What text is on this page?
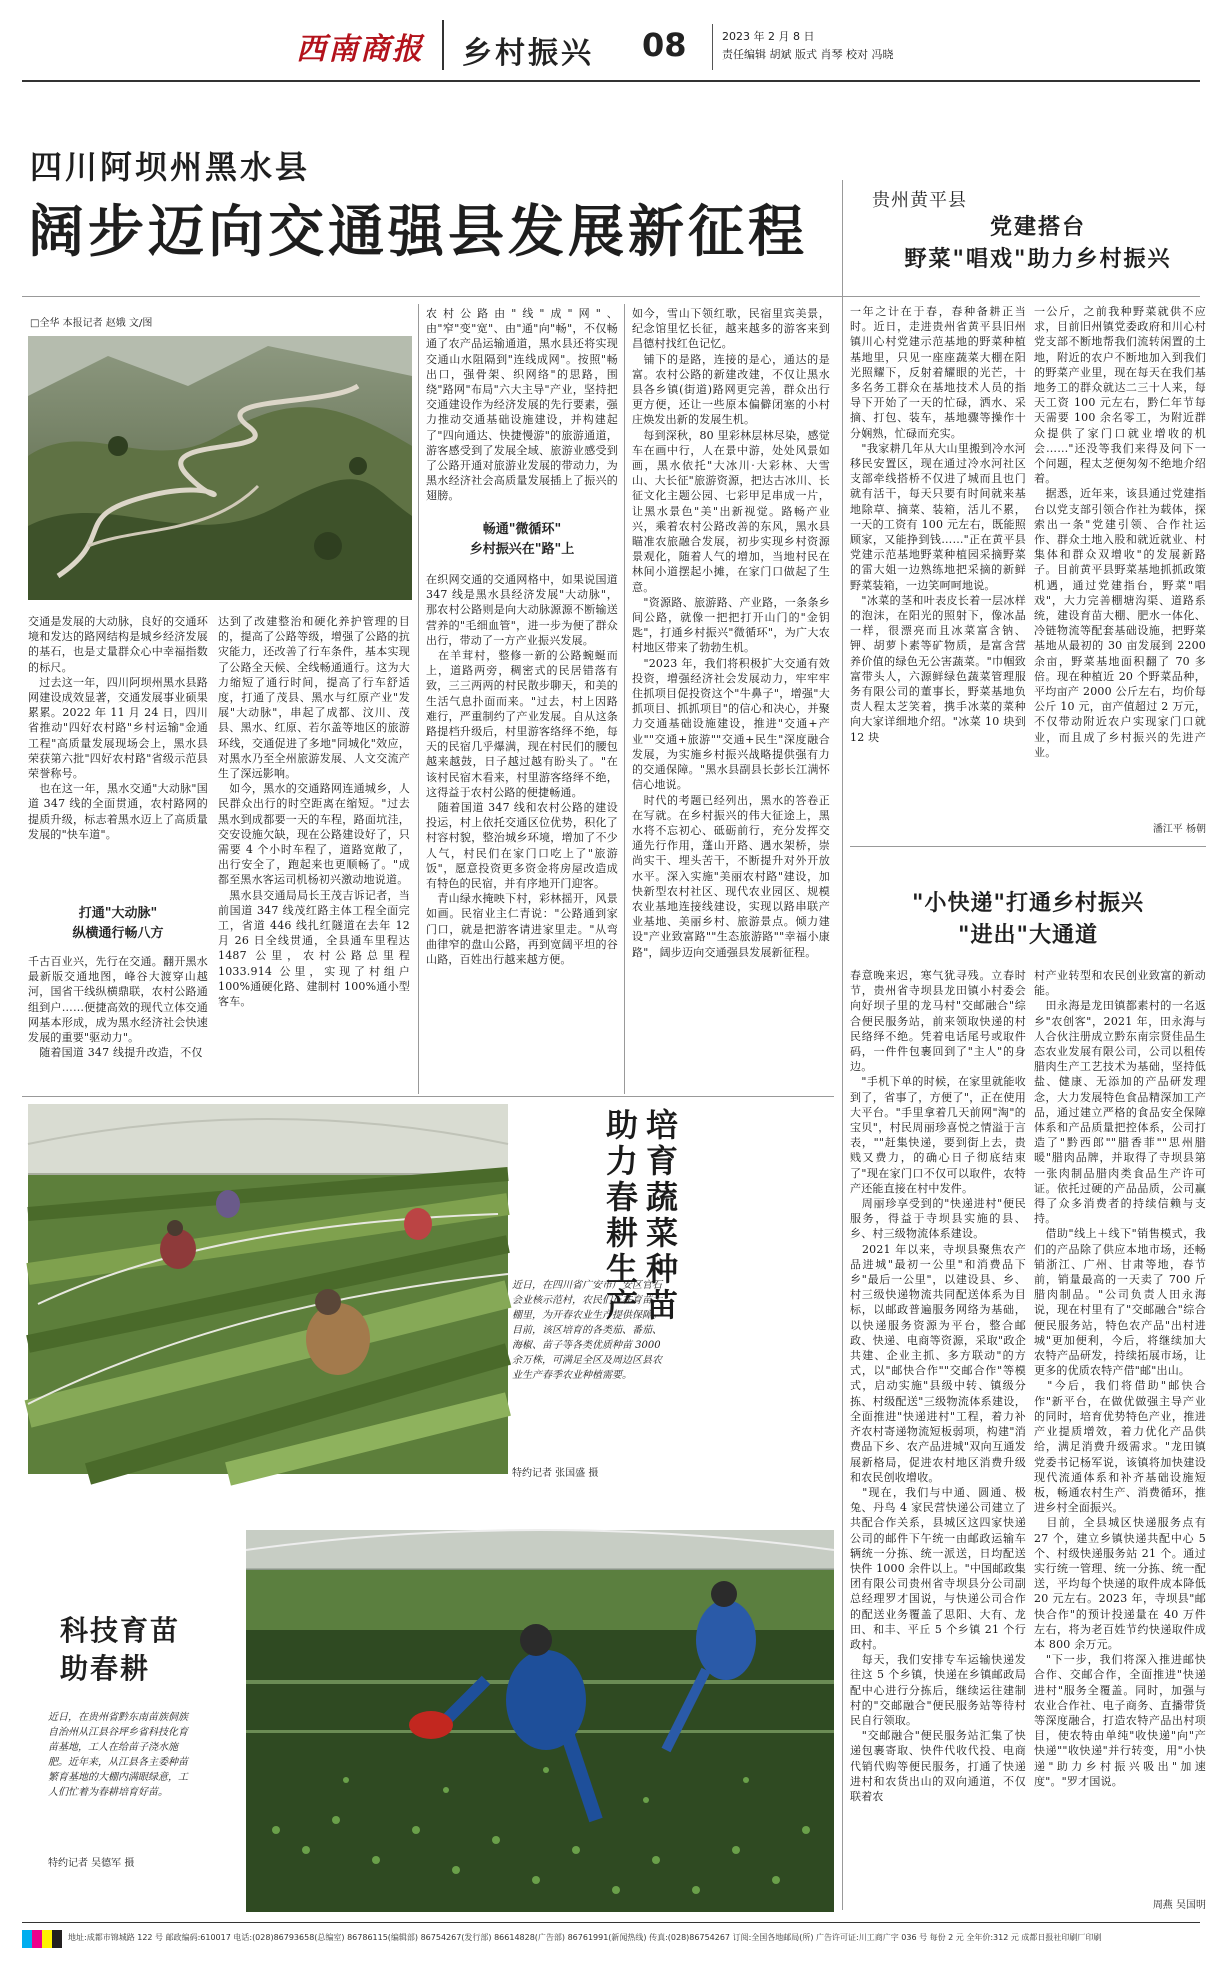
西南商报	乡村振兴 08	2023 年 2 月 8 日
责任编辑 胡斌 版式 肖琴 校对 冯晓
四川阿坝州黑水县
阔步迈向交通强县发展新征程	贵州黄平县
党建搭台
野菜"唱戏"助力乡村振兴
□全华 本报记者 赵娥 文/图
交通是发展的大动脉，良好的交通环境和发达的路网结构是城乡经济发展的基石，也是丈量群众心中幸福指数的标尺。
　过去这一年，四川阿坝州黑水县路网建设成效显著，交通发展事业硕果累累。2022 年 11 月 24 日，四川省推动"四好农村路"乡村运输"金通工程"高质量发展现场会上，黑水县荣获第六批"四好农村路"省级示范县荣誉称号。
　也在这一年，黑水交通"大动脉"国道 347 线的全面贯通，农村路网的提质升级，标志着黑水迈上了高质量发展的"快车道"。
打通"大动脉"
纵横通行畅八方
千古百业兴，先行在交通。翻开黑水最新版交通地图，峰谷大渡穿山越河，国省干线纵横鼎联，农村公路通组到户……便捷高效的现代立体交通网基本形成，成为黑水经济社会快速发展的重要"驱动力"。
　随着国道 347 线提升改造，不仅
达到了改建整治和硬化养护管理的目的，提高了公路等级，增强了公路的抗灾能力，还改善了行车条件，基本实现了公路全天候、全线畅通通行。这为大力缩短了通行时间，提高了行车舒适度，打通了茂县、黑水与红原产业"发展"大动脉"，串起了成都、汶川、茂县、黑水、红原、若尔盖等地区的旅游环线，交通促进了多地"同城化"效应，对黑水乃至全州旅游发展、人文交流产生了深远影响。
　如今，黑水的交通路网连通城乡，人民群众出行的时空距离在缩短。"过去黑水到成都要一天的车程，路面坑洼，交安设施欠缺，现在公路建设好了，只需要 4 个小时车程了，道路宽敞了，出行安全了，跑起来也更顺畅了。"成都至黑水客运司机杨初兴激动地说道。
　黑水县交通局局长王茂吉诉记者，当前国道 347 线茂红路主体工程全面完工，省道 446 线扎红隧道在去年 12 月 26 日全线贯通，全县通车里程达 1487 公里，农村公路总里程 1033.914 公里，实现了村组户 100%通硬化路、建制村 100%通小型客车。
农村公路由"线"成"网"、由"窄"变"宽"、由"通"向"畅"，不仅畅通了农产品运输通道，黑水县还将实现交通山水阻隔到"连线成网"。按照"畅出口，强骨架、织网络"的思路，围绕"路网"布局"六大主导"产业，坚持把交通建设作为经济发展的先行要素，强力推动交通基础设施建设，并构建起了"四向通达、快捷慢游"的旅游通道，游客感受到了发展全域、旅游业感受到了公路开通对旅游业发展的带动力，为黑水经济社会高质量发展插上了振兴的翅膀。
畅通"微循环"
乡村振兴在"路"上
在织网交通的交通网格中，如果说国道 347 线是黑水县经济发展"大动脉"，那农村公路则是向大动脉源源不断输送营养的"毛细血管"，进一步为便了群众出行，带动了一方产业振兴发展。
　在羊茸村，整修一新的公路蜿蜒而上，道路两旁，稠密式的民居错落有致，三三两两的村民散步聊天，和美的生活气息扑面而来。"过去，村上因路难行，严重制约了产业发展。自从这条路提档升级后，村里游客络绎不绝，每天的民宿几乎爆满，现在村民们的腰包越来越鼓，日子越过越有盼头了。"在该村民宿木看来，村里游客络绎不绝，这得益于农村公路的便捷畅通。
　随着国道 347 线和农村公路的建设投运，村上依托交通区位优势，积化了村容村貌，整治城乡环境，增加了不少人气，村民们在家门口吃上了"旅游饭"，愿意投资更多资金将房屋改造成有特色的民宿，并有序地开门迎客。
　青山绿水掩映下村，彩林摇开，风景如画。民宿业主仁青说："公路通到家门口，就是把游客请进家里走。"从弯曲律窄的盘山公路，再到宽阔平坦的谷山路，百姓出行越来越方便。
如今，雪山下领红歌，民宿里宾美景，纪念馆里忆长征，越来越多的游客来到昌德村找红色记忆。
　铺下的是路，连接的是心，通达的是富。农村公路的新建改建，不仅让黑水县各乡镇(街道)路网更完善，群众出行更方便，还让一些原本偏僻闭塞的小村庄焕发出新的发展生机。
　每到深秋，80 里彩林层林尽染，感觉车在画中行，人在景中游，处处风景如画，黑水依托"大冰川·大彩林、大雪山、大长征"旅游资源，把达古冰川、长征文化主题公园、七彩甲足串成一片，让黑水景色"美"出新视觉。路畅产业兴，乘着农村公路改善的东风，黑水县瞄准农旅融合发展，初步实现乡村资源景观化，随着人气的增加，当地村民在林间小道摆起小摊，在家门口做起了生意。
　"资源路、旅游路、产业路，一条条乡间公路，就像一把把打开山门的"金钥匙"，打通乡村振兴"微循环"，为广大农村地区带来了勃勃生机。
　"2023 年，我们将积极扩大交通有效投资，增强经济社会发展动力，牢牢牢住抓项目促投资这个"牛鼻子"，增强"大抓项目、抓抓项目"的信心和决心，并聚力交通基础设施建设，推进"交通+产业""交通+旅游""交通+民生"深度融合发展，为实施乡村振兴战略提供强有力的交通保障。"黑水县副县长彭长江满怀信心地说。
　时代的考题已经列出，黑水的答卷正在写就。在乡村振兴的伟大征途上，黑水将不忘初心、砥砺前行，充分发挥交通先行作用，蓬山开路、遇水架桥，崇尚实干、埋头苦干，不断提升对外开放水平。深入实施"美丽农村路"建设，加快新型农村社区、现代农业园区、规模农业基地连接线建设，实现以路串联产业基地、美丽乡村、旅游景点。倾力建设"产业致富路""生态旅游路""幸福小康路"，阔步迈向交通强县发展新征程。
一年之计在于春，春种备耕正当时。近日，走进贵州省黄平县旧州镇川心村党建示范基地的野菜种植基地里，只见一座座蔬菜大棚在阳光照耀下，反射着耀眼的光芒，十多名务工群众在基地技术人员的指导下开始了一天的忙碌，洒水、采摘、打包、装车，基地骤等操作十分娴熟，忙碌而充实。
　"我家耕几年从大山里搬到冷水河移民安置区，现在通过冷水河社区支部牵线搭桥不仅进了城而且也门就有活干，每天只要有时间就来基地除草、摘菜、装箱，活儿不累，一天的工资有 100 元左右，既能照顾家，又能挣到钱……"正在黄平县党建示范基地野菜种植园采摘野菜的雷大姐一边熟练地把采摘的新鲜野菜装箱，一边笑呵呵地说。
　"冰菜的茎和叶表皮长着一层冰样的泡沫，在阳光的照射下，像冰晶一样，很漂亮而且冰菜富含钠、钾、胡萝卜素等矿物质，是富含营养价值的绿色无公害蔬菜。"巾帼致富带头人，六源鲜绿色蔬菜管理服务有限公司的董事长，野菜基地负责人程太芝笑着，携手冰菜的菜种向大家详细地介绍。"冰菜 10 块到 12 块
一公斤，之前我种野菜就供不应求，目前旧州镇党委政府和川心村党支部不断地帮我们流转闲置的土地，附近的农户不断地加入到我们的野菜产业里，现在每天在我们基地务工的群众就达二三十人来，每天工资 100 元左右，黔仁年节每天需要 100 余名零工，为附近群众提供了家门口就业增收的机会……"还没等我们来得及问下一个问题，程太芝便匆匆不绝地介绍着。
　据悉，近年来，该县通过党建指台以党支部引领合作社为载体，探索出一条"党建引领、合作社运作、群众土地入股和就近就业、村集体和群众双增收"的发展新路子。目前黄平县野菜基地抓抓政策机遇，通过党建指台，野菜"唱戏"，大力完善棚塘沟渠、道路系统，建设育苗大棚、肥水一体化、冷链物流等配套基础设施，把野菜基地从最初的 30 亩发展到 2200 余亩，野菜基地面积翻了 70 多倍。现在种植近 20 个野菜品种，平均亩产 2000 公斤左右，均价每公斤 10 元，亩产值超过 2 万元，不仅带动附近农户实现家门口就业，而且成了乡村振兴的先进产业。
潘江平 杨朝
"小快递"打通乡村振兴
"进出"大通道
春意晚来迟，寒气犹寻残。立春时节，贵州省寺坝县龙田镇小村委会向好坝子里的龙马村"交邮融合"综合便民服务站，前来领取快递的村民络绎不绝。凭着电话尾号或取件码，一件件包裹回到了"主人"的身边。
　"手机下单的时候，在家里就能收到了，省事了，方便了"，正在使用大平台。"手里拿着几天前网"淘"的宝贝"，村民周丽珍喜悦之情溢于言表，""赶集快递，要到街上去，贵贱又费力，的确心日子彻底结束了"现在家门口不仅可以取件，农特产还能直接在村中发件。
　周丽珍享受到的"快递进村"便民服务，得益于寺坝县实施的县、乡、村三级物流体系建设。
　2021 年以来，寺坝县聚焦农产品进城"最初一公里"和消费品下乡"最后一公里"，以建设县、乡、村三级快递物流共同配送体系为目标，以邮政普遍服务网络为基础，以快递服务资源为平台，整合邮政、快递、电商等资源，采取"政企共建、企业主抓、多方联动"的方式，以"邮快合作""交邮合作"等模式，启动实施"县级中转、镇级分拣、村级配送"三级物流体系建设，全面推进"快递进村"工程，着力补齐农村寄递物流短板弱项，构建"消费品下乡、农产品进城"双向互通发展新格局，促进农村地区消费升级和农民创收增收。
　"现在，我们与中通、圆通、极兔、丹鸟 4 家民营快递公司建立了共配合作关系，县城区这四家快递公司的邮件下午统一由邮政运输车辆统一分拣、统一派送，日均配送快件 1000 余件以上。"中国邮政集团有限公司贵州省寺坝县分公司副总经理罗才国说，与快递公司合作的配送业务覆盖了思阳、大有、龙田、和丰、平丘 5 个乡镇 21 个行政村。
　每天，我们安排专车运输快递发往这 5 个乡镇，快递在乡镇邮政局配中心进行分拣后，继续运往建制村的"交邮融合"便民服务站等待村民自行领取。
　"交邮融合"便民服务站汇集了快递包裹寄取、快件代收代投、电商代销代购等便民服务，打通了快递进村和农货出山的双向通道，不仅联着农
村产业转型和农民创业致富的新动能。
　田永海是龙田镇都素村的一名返乡"农创客"，2021 年，田永海与人合伙注册成立黔东南宗贤佳品生态农业发展有限公司，公司以租传腊肉生产工艺技术为基础，坚持低盐、健康、无添加的产品研发理念，大力发展特色食品精深加工产品，通过建立严格的食品安全保障体系和产品质量把控体系，公司打造了"黔西郎""腊香菲""思州腊暖"腊肉品牌，并取得了寺坝县第一张肉制品腊肉类食品生产许可证。依托过硬的产品品质，公司赢得了众多消费者的持续信赖与支持。
　借助"线上＋线下"销售模式，我们的产品除了供应本地市场，还畅销浙江、广州、甘肃等地，春节前，销量最高的一天卖了 700 斤腊肉制品。"公司负责人田永海说，现在村里有了"交邮融合"综合便民服务站，特色农产品"出村进城"更加便利，今后，将继续加大农特产品研发，持续拓展市场，让更多的优质农特产借"邮"出山。
　"今后，我们将借助"邮快合作"新平台，在做优做强主导产业的同时，培育优势特色产业，推进产业提质增效，着力优化产品供给，满足消费升级需求。"龙田镇党委书记杨军说，该镇将加快建设现代流通体系和补齐基础设施短板，畅通农村生产、消费循环，推进乡村全面振兴。
　目前，全县城区快递服务点有 27 个，建立乡镇快递共配中心 5 个、村级快递服务站 21 个。通过实行统一管理、统一分拣、统一配送，平均每个快递的取件成本降低 20 元左右。2023 年，寺坝县"邮快合作"的预计投递量在 40 万件左右，将为老百姓节约快递取件成本 800 余万元。
　"下一步，我们将深入推进邮快合作、交邮合作，全面推进"快递进村"服务全覆盖。同时，加强与农业合作社、电子商务、直播带货等深度融合，打造农特产品出村项目，使农特由单纯"收快递"向"产快递""收快递"并行转变，用"小快递"助力乡村振兴吸出"加速度"。"罗才国说。
周燕 吴国明
培育蔬菜种苗 助力春耕生产
近日，在四川省广安市广安区官石会业核示范村，农民们正在育苗大棚里，为开春农业生产提供保障。目前，该区培育的各类茄、番茄、海椒、苗子等各类优质种苗 3000 余万株，可满足全区及周边区县农业生产春季农业种植需要。
特约记者 张国盛 摄
科技育苗助春耕
近日，在贵州省黔东南苗族侗族自治州从江县谷坪乡省科技化育苗基地，工人在给苗子浇水施肥。近年来，从江县各主委种苗繁育基地的大棚内满眼绿意，工人们忙着为春耕培育好苗。
特约记者 吴德军 摄
地址:成都市锦城路 122 号 邮政编码:610017 电话:(028)86793658(总编室) 86786115(编辑部) 86754267(发行部) 86614828(广告部) 86761991(新闻热线) 传真:(028)86754267 订阅:全国各地邮局(所) 广告许可证:川工商广字 036 号 每份 2 元 全年价:312 元 成都日报社印刷厂印刷
